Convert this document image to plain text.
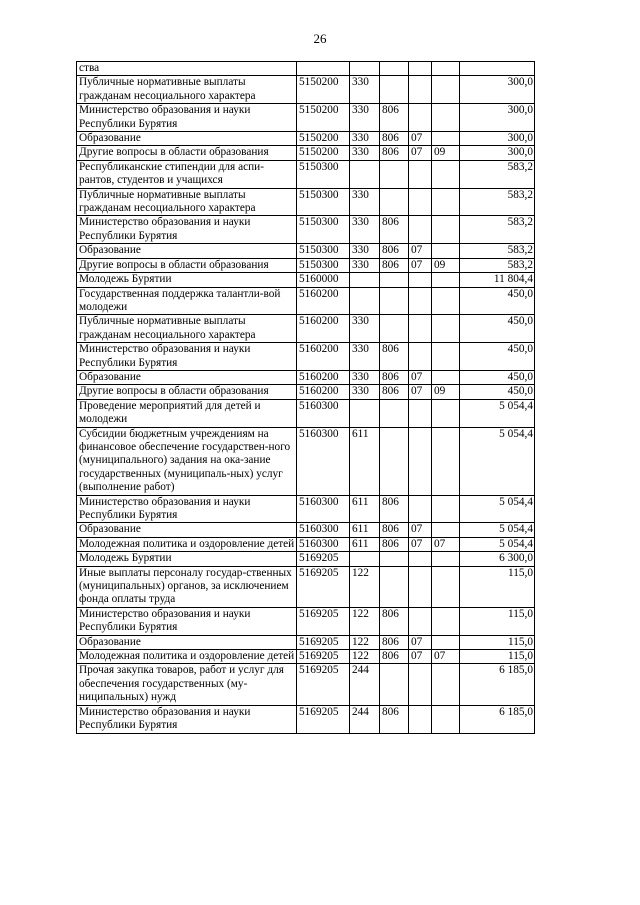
26
ства						
Публичные нормативные выплаты гражданам несоциального характера	5150200	330				300,0
Министерство образования и науки Республики Бурятия	5150200	330	806			300,0
Образование	5150200	330	806	07		300,0
Другие вопросы в области образования	5150200	330	806	07	09	300,0
Республиканские стипендии для аспи-рантов, студентов и учащихся	5150300					583,2
Публичные нормативные выплаты гражданам несоциального характера	5150300	330				583,2
Министерство образования и науки Республики Бурятия	5150300	330	806			583,2
Образование	5150300	330	806	07		583,2
Другие вопросы в области образования	5150300	330	806	07	09	583,2
Молодежь Бурятии	5160000					11 804,4
Государственная поддержка талантли-вой молодежи	5160200					450,0
Публичные нормативные выплаты гражданам несоциального характера	5160200	330				450,0
Министерство образования и науки Республики Бурятия	5160200	330	806			450,0
Образование	5160200	330	806	07		450,0
Другие вопросы в области образования	5160200	330	806	07	09	450,0
Проведение мероприятий для детей и молодежи	5160300					5 054,4
Субсидии бюджетным учреждениям на финансовое обеспечение государствен-ного (муниципального) задания на ока-зание государственных (муниципаль-ных) услуг (выполнение работ)	5160300	611				5 054,4
Министерство образования и науки Республики Бурятия	5160300	611	806			5 054,4
Образование	5160300	611	806	07		5 054,4
Молодежная политика и оздоровление детей	5160300	611	806	07	07	5 054,4
Молодежь Бурятии	5169205					6 300,0
Иные выплаты персоналу государ-ственных (муниципальных) органов, за исключением фонда оплаты труда	5169205	122				115,0
Министерство образования и науки Республики Бурятия	5169205	122	806			115,0
Образование	5169205	122	806	07		115,0
Молодежная политика и оздоровление детей	5169205	122	806	07	07	115,0
Прочая закупка товаров, работ и услуг для обеспечения государственных (му-ниципальных) нужд	5169205	244				6 185,0
Министерство образования и науки Республики Бурятия	5169205	244	806			6 185,0
